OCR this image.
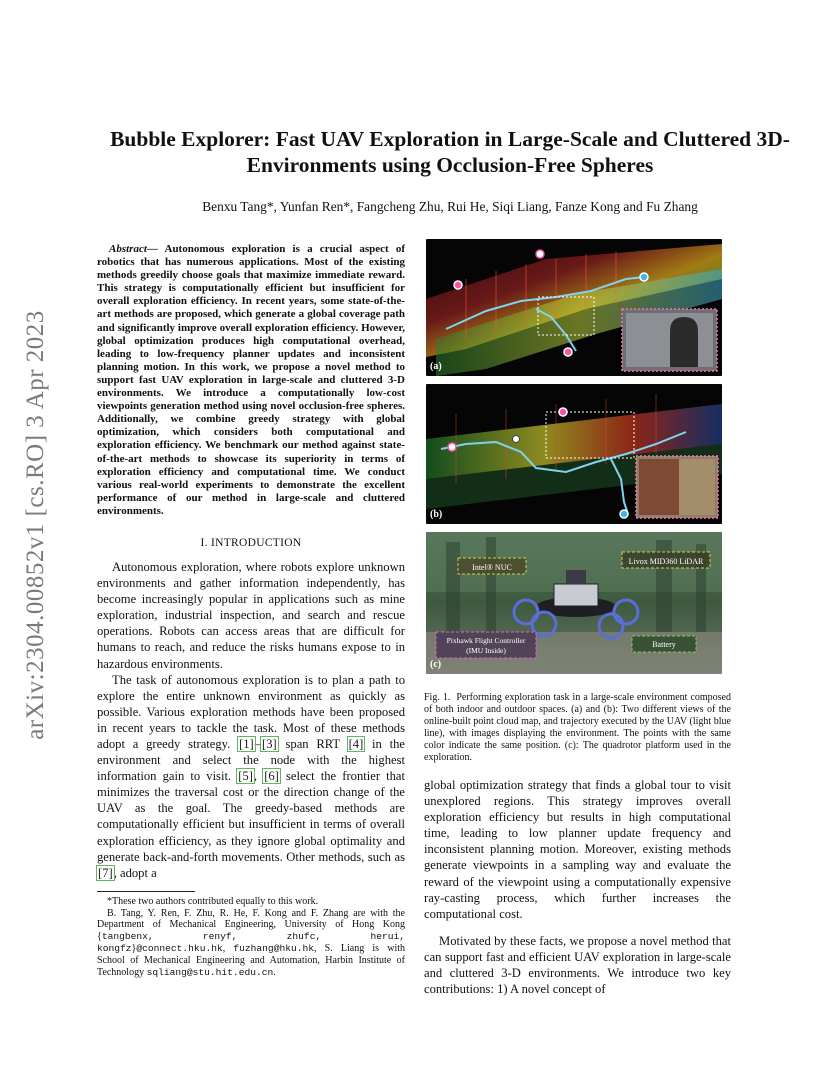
arXiv:2304.00852v1 [cs.RO] 3 Apr 2023
Bubble Explorer: Fast UAV Exploration in Large-Scale and Cluttered 3D-Environments using Occlusion-Free Spheres

Benxu Tang*, Yunfan Ren*, Fangcheng Zhu, Rui He, Siqi Liang, Fanze Kong and Fu Zhang

Abstract— Autonomous exploration is a crucial aspect of robotics that has numerous applications. Most of the existing methods greedily choose goals that maximize immediate reward. This strategy is computationally efficient but insufficient for overall exploration efficiency. In recent years, some state-of-the-art methods are proposed, which generate a global coverage path and significantly improve overall exploration efficiency. However, global optimization produces high computational overhead, leading to low-frequency planner updates and inconsistent planning motion. In this work, we propose a novel method to support fast UAV exploration in large-scale and cluttered 3-D environments. We introduce a computationally low-cost viewpoints generation method using novel occlusion-free spheres. Additionally, we combine greedy strategy with global optimization, which considers both computational and exploration efficiency. We benchmark our method against state-of-the-art methods to showcase its superiority in terms of exploration efficiency and computational time. We conduct various real-world experiments to demonstrate the excellent performance of our method in large-scale and cluttered environments.

I. INTRODUCTION

Autonomous exploration, where robots explore unknown environments and gather information independently, has become increasingly popular in applications such as mine exploration, industrial inspection, and search and rescue operations. Robots can access areas that are difficult for humans to reach, and reduce the risks humans expose to in hazardous environments.

The task of autonomous exploration is to plan a path to explore the entire unknown environment as quickly as possible. Various exploration methods have been proposed in recent years to tackle the task. Most of these methods adopt a greedy strategy. [1]–[3] span RRT [4] in the environment and select the node with the highest information gain to visit. [5], [6] select the frontier that minimizes the traversal cost or the direction change of the UAV as the goal. The greedy-based methods are computationally efficient but insufficient in terms of overall exploration efficiency, as they ignore global optimality and generate back-and-forth movements. Other methods, such as [7], adopt a

*These two authors contributed equally to this work.

B. Tang, Y. Ren, F. Zhu, R. He, F. Kong and F. Zhang are with the Department of Mechanical Engineering, University of Hong Kong {tangbenx, renyf, zhufc, herui, kongfz}@connect.hku.hk, fuzhang@hku.hk, S. Liang is with School of Mechanical Engineering and Automation, Harbin Institute of Technology sqliang@stu.hit.edu.cn.

(a)
(b)
Intel® NUC
Livox MID360 LiDAR
Pixhawk Flight Controller
(IMU Inside)
Battery
(c)

Fig. 1. Performing exploration task in a large-scale environment composed of both indoor and outdoor spaces. (a) and (b): Two different views of the online-built point cloud map, and trajectory executed by the UAV (light blue line), with images displaying the environment. The points with the same color indicate the same position. (c): The quadrotor platform used in the exploration.

global optimization strategy that finds a global tour to visit unexplored regions. This strategy improves overall exploration efficiency but results in high computational time, leading to low planner update frequency and inconsistent planning motion. Moreover, existing methods generate viewpoints in a sampling way and evaluate the reward of the viewpoint using a computationally expensive ray-casting process, which further increases the computational cost.

Motivated by these facts, we propose a novel method that can support fast and efficient UAV exploration in large-scale and cluttered 3-D environments. We introduce two key contributions: 1) A novel concept of
